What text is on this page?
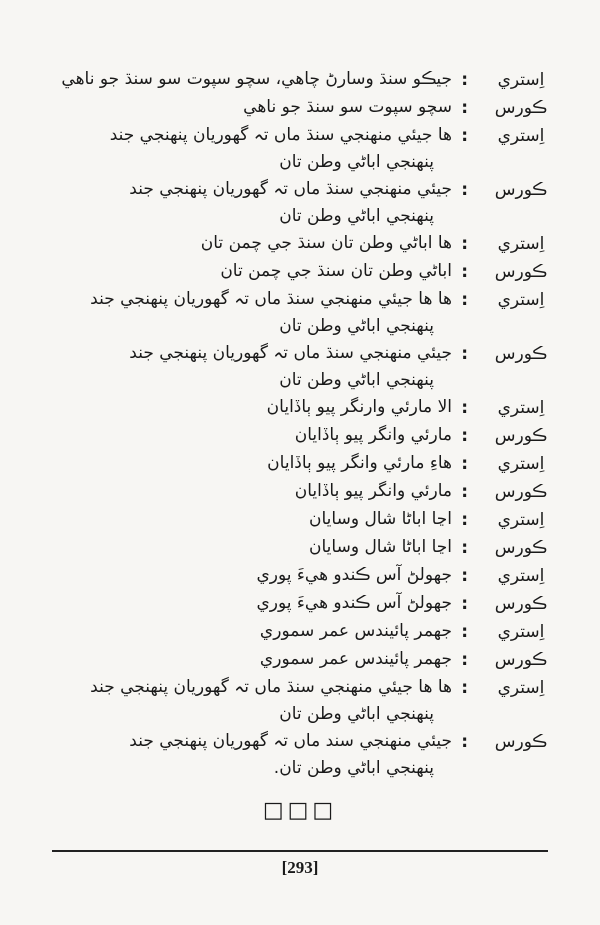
اِستري
:
جيڪو سنڌ وسارڻ چاهي، سچو سپوت سو سنڌ جو ناهي
ڪورس
:
سچو سپوت سو سنڌ جو ناهي
اِستري
:
ها جيئي منهنجي سنڌ ماں تہ گهوريان پنهنجي جند
پنهنجي اباڻي وطن تان
ڪورس
:
جيئي منهنجي سنڌ ماں تہ گهوريان پنهنجي جند
پنهنجي اباڻي وطن تان
اِستري
:
ها اباڻي وطن تان سنڌ جي چمن تان
ڪورس
:
اباڻي وطن تان سنڌ جي چمن تان
اِستري
:
ها ها جيئي منهنجي سنڌ ماں تہ گهوريان پنهنجي جند
پنهنجي اباڻي وطن تان
ڪورس
:
جيئي منهنجي سنڌ ماں تہ گهوريان پنهنجي جند
پنهنجي اباڻي وطن تان
اِستري
:
الا مارئي وارنگر پيو ٻاڏايان
ڪورس
:
مارئي وانگر پيو ٻاڏايان
اِستري
:
هاءِ مارئي وانگر پيو ٻاڏايان
ڪورس
:
مارئي وانگر پيو ٻاڏايان
اِستري
:
اڃا اباڻا شال وسايان
ڪورس
:
اڃا اباڻا شال وسايان
اِستري
:
جهولڻ آس ڪندو هيءَ پوري
ڪورس
:
جهولڻ آس ڪندو هيءَ پوري
اِستري
:
جهمر پائيندس عمر سموري
ڪورس
:
جهمر پائيندس عمر سموري
اِستري
:
ها ها جيئي منهنجي سنڌ ماں تہ گهوريان پنهنجي جند
پنهنجي اباڻي وطن تان
ڪورس
:
جيئي منهنجي سند ماں تہ گهوريان پنهنجي جند
پنهنجي اباڻي وطن تان.
□□□
[293]
